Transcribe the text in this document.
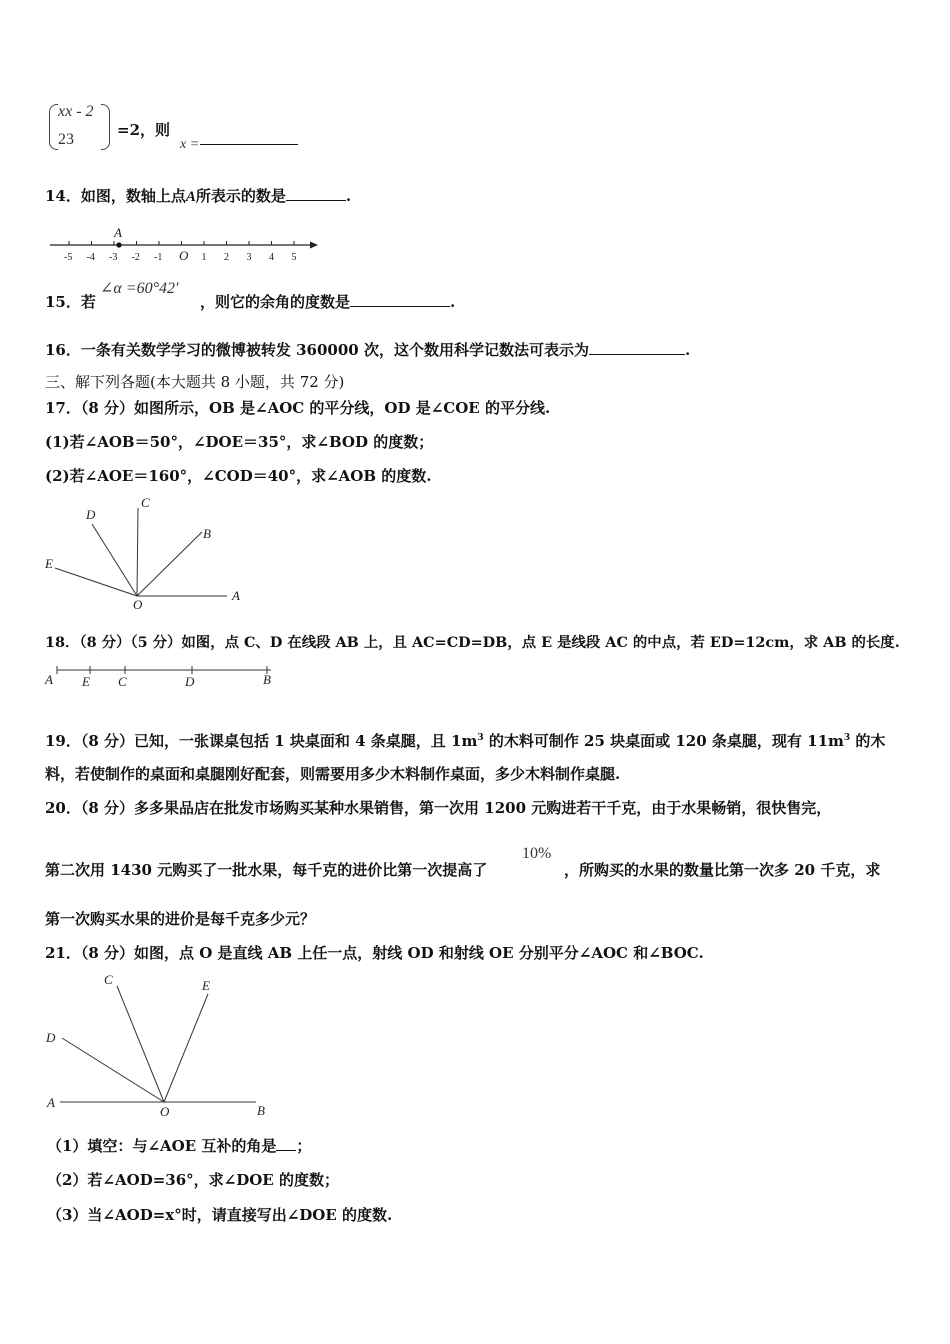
xx - 2
23
=2，则
x =
14．如图，数轴上点A所表示的数是	.
-5 -4 -3 -2 -1 O 1 2 3 4 5
A
15．若
∠α =60°42′
，则它的余角的度数是	.
16．一条有关数学学习的微博被转发 360000 次，这个数用科学记数法可表示为	.
三、解下列各题(本大题共 8 小题，共 72 分)
17．（8 分）如图所示，OB 是∠AOC 的平分线，OD 是∠COE 的平分线.
(1)若∠AOB＝50°，∠DOE＝35°，求∠BOD 的度数；
(2)若∠AOE＝160°，∠COD＝40°，求∠AOB 的度数.
D
C
B
E
O
A
18．（8 分）（5 分）如图，点 C、D 在线段 AB 上，且 AC=CD=DB，点 E 是线段 AC 的中点，若 ED=12cm，求 AB 的长度.
A E C	D	B
19．（8 分）已知，一张课桌包括 1 块桌面和 4 条桌腿，且 $1m^3$ 的木料可制作 25 块桌面或 120 条桌腿，现有 $11m^3$ 的木
料，若使制作的桌面和桌腿刚好配套，则需要用多少木料制作桌面，多少木料制作桌腿.
20．（8 分）多多果品店在批发市场购买某种水果销售，第一次用 1200 元购进若干千克，由于水果畅销，很快售完，
第二次用 1430 元购买了一批水果，每千克的进价比第一次提高了
10%
，所购买的水果的数量比第一次多 20 千克，求
第一次购买水果的进价是每千克多少元？
21．（8 分）如图，点 O 是直线 AB 上任一点，射线 OD 和射线 OE 分别平分∠AOC 和∠BOC.
C	E
D
A
O	B
（1）填空：与∠AOE 互补的角是 ；
（2）若∠AOD=36°，求∠DOE 的度数；
（3）当∠AOD=x°时，请直接写出∠DOE 的度数.
